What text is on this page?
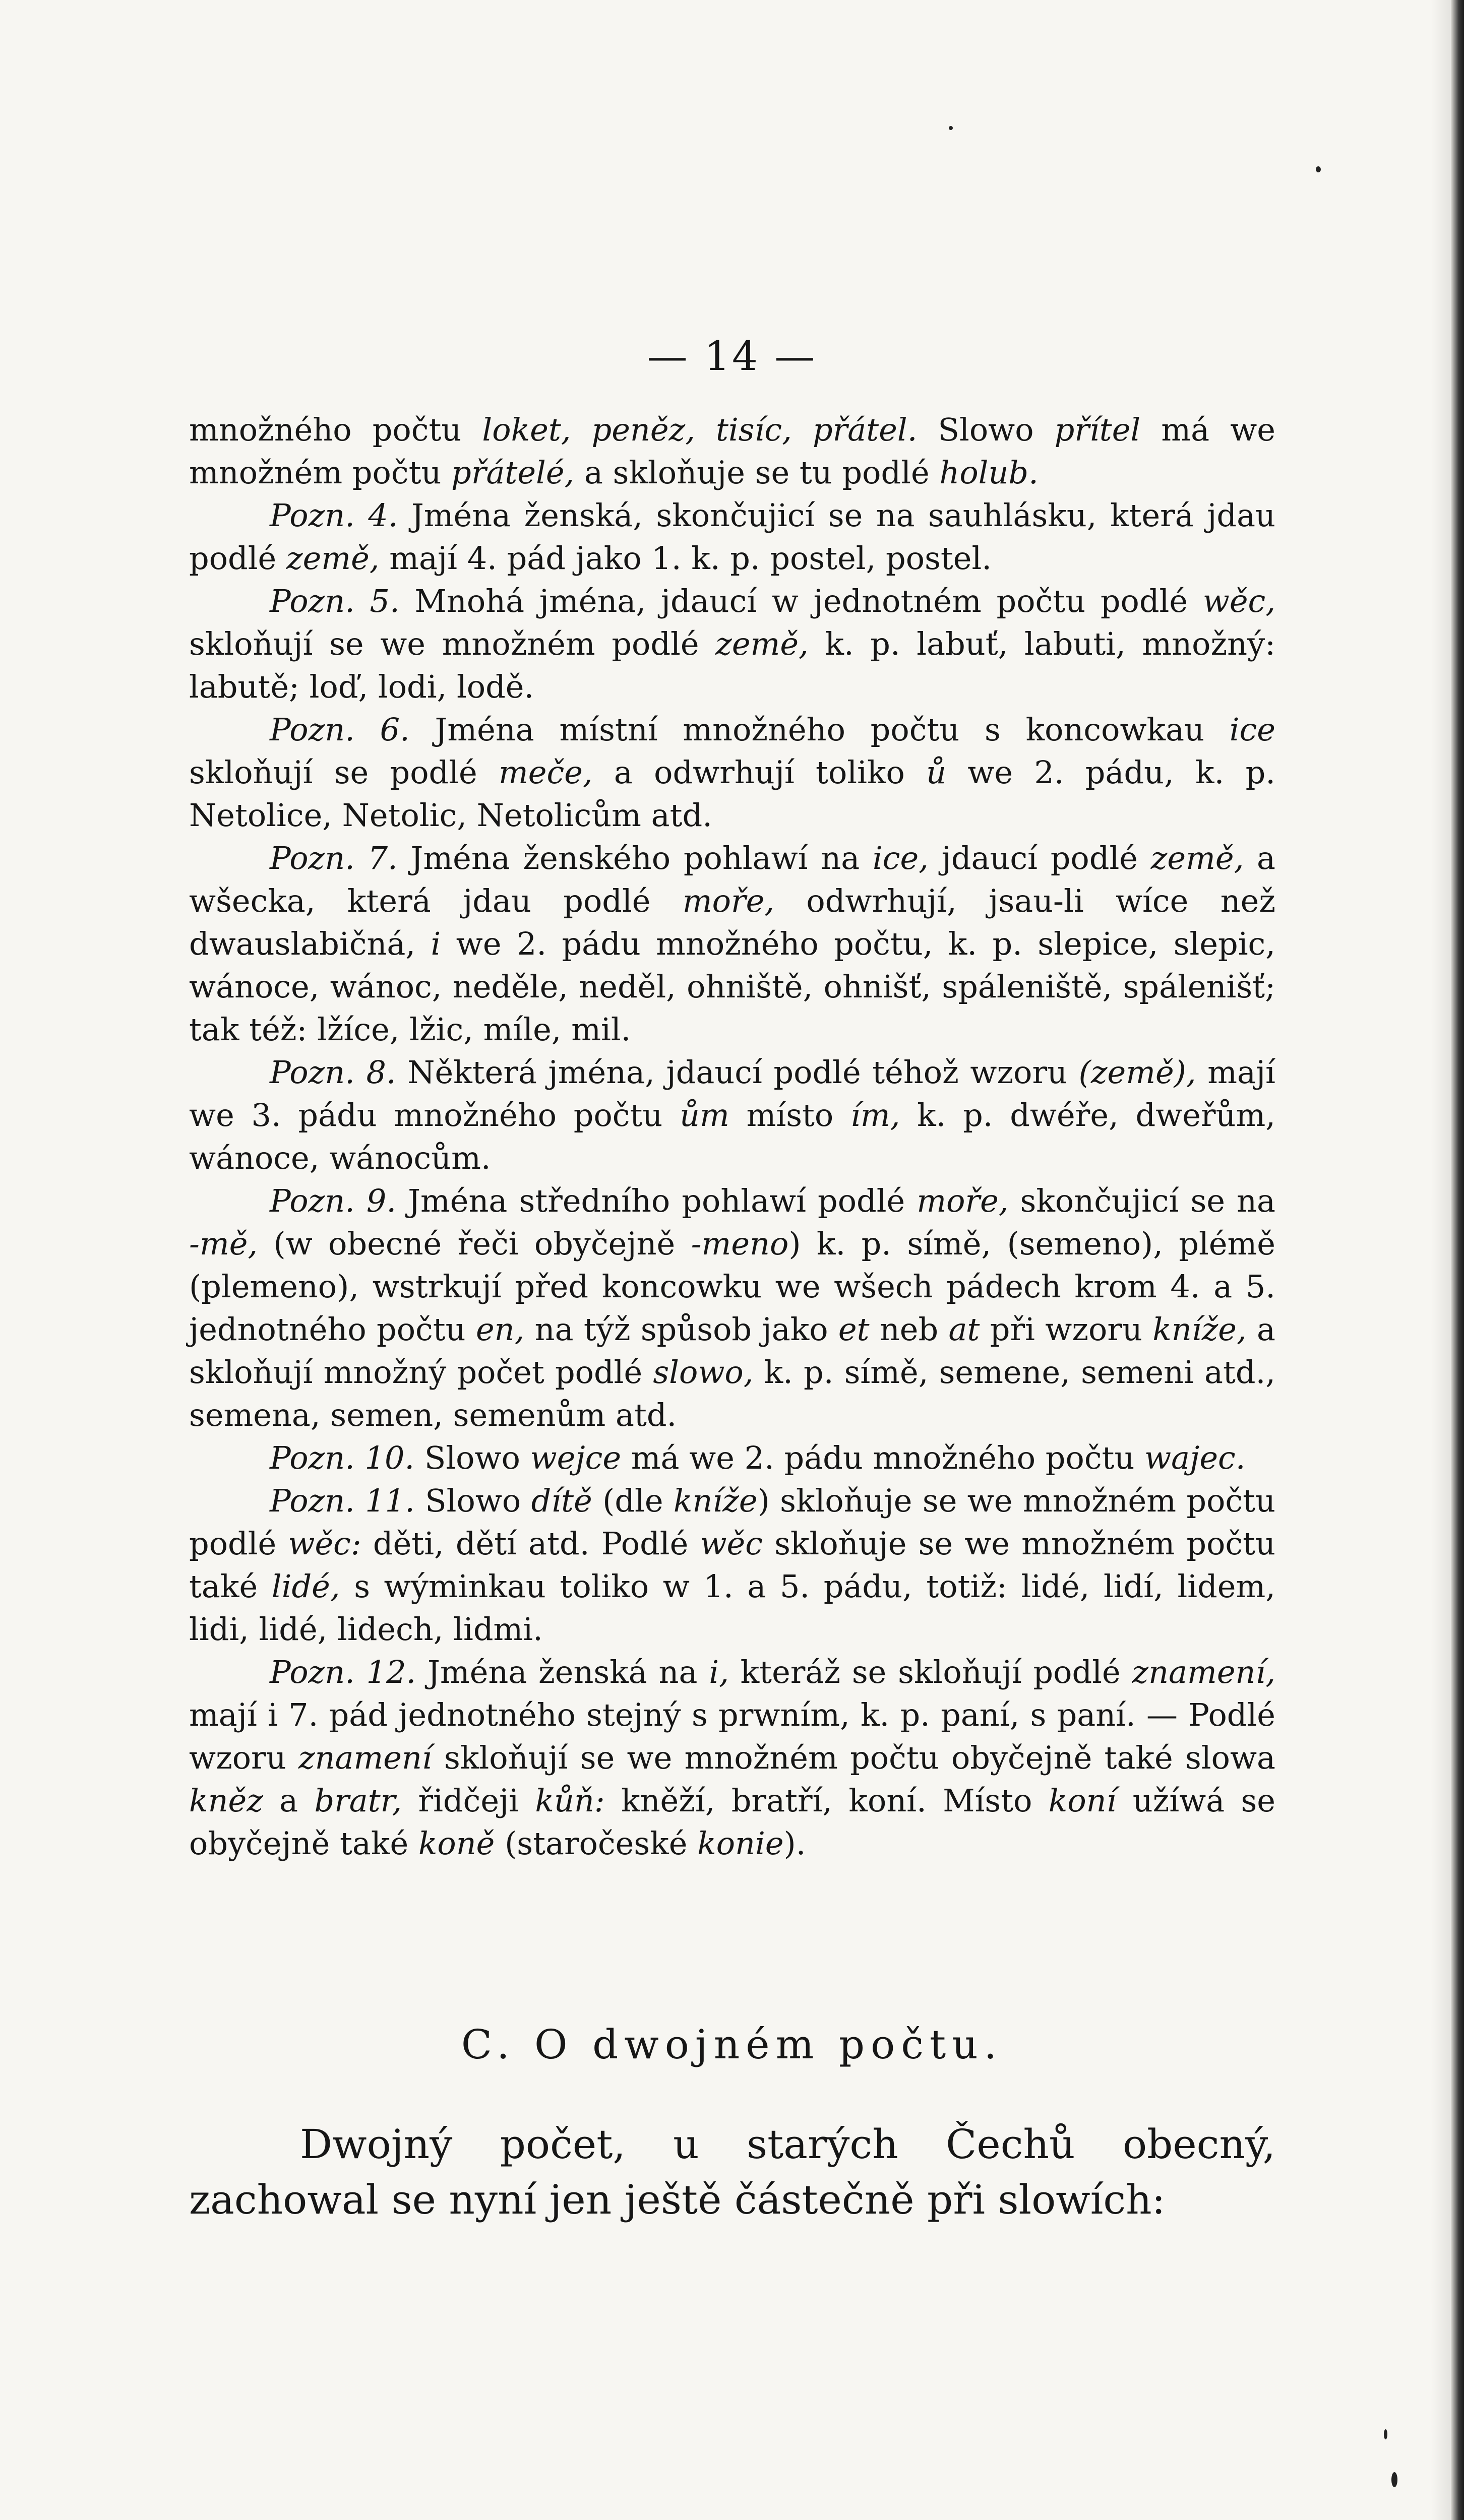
— 14 —

množného počtu loket, peněz, tisíc, přátel. Slowo přítel má we množném počtu přátelé, a skloňuje se tu podlé holub.

Pozn. 4. Jména ženská, skončujicí se na sauhlásku, která jdau podlé země, mají 4. pád jako 1. k. p. postel, postel.

Pozn. 5. Mnohá jména, jdaucí w jednotném počtu podlé wěc, skloňují se we množném podlé země, k. p. labuť, labuti, množný: labutě; loď, lodi, lodě.

Pozn. 6. Jména místní množného počtu s koncowkau ice skloňují se podlé meče, a odwrhují toliko ů we 2. pádu, k. p. Netolice, Netolic, Netolicům atd.

Pozn. 7. Jména ženského pohlawí na ice, jdaucí podlé země, a wšecka, která jdau podlé moře, odwrhují, jsau-li wíce než dwauslabičná, i we 2. pádu množného počtu, k. p. slepice, slepic, wánoce, wánoc, neděle, neděl, ohniště, ohnišť, spáleniště, spálenišť; tak též: lžíce, lžic, míle, mil.

Pozn. 8. Některá jména, jdaucí podlé téhož wzoru (země), mají we 3. pádu množného počtu ům místo ím, k. p. dwéře, dweřům, wánoce, wánocům.

Pozn. 9. Jména středního pohlawí podlé moře, skončujicí se na -mě, (w obecné řeči obyčejně -meno) k. p. símě, (semeno), plémě (plemeno), wstrkují před koncowku we wšech pádech krom 4. a 5. jednotného počtu en, na týž spůsob jako et neb at při wzoru kníže, a skloňují množný počet podlé slowo, k. p. símě, semene, semeni atd., semena, semen, semenům atd.

Pozn. 10. Slowo wejce má we 2. pádu množného počtu wajec.

Pozn. 11. Slowo dítě (dle kníže) skloňuje se we množném počtu podlé wěc: děti, dětí atd. Podlé wěc skloňuje se we množném počtu také lidé, s wýminkau toliko w 1. a 5. pádu, totiž: lidé, lidí, lidem, lidi, lidé, lidech, lidmi.

Pozn. 12. Jména ženská na i, kteráž se skloňují podlé znamení, mají i 7. pád jednotného stejný s prwním, k. p. paní, s paní. — Podlé wzoru znamení skloňují se we množném počtu obyčejně také slowa kněz a bratr, řidčeji kůň: kněží, bratří, koní. Místo koní užíwá se obyčejně také koně (staročeské konie).

C. O dwojném počtu.
Dwojný počet, u starých Čechů obecný, zachowal se nyní jen ještě částečně při slowích:
